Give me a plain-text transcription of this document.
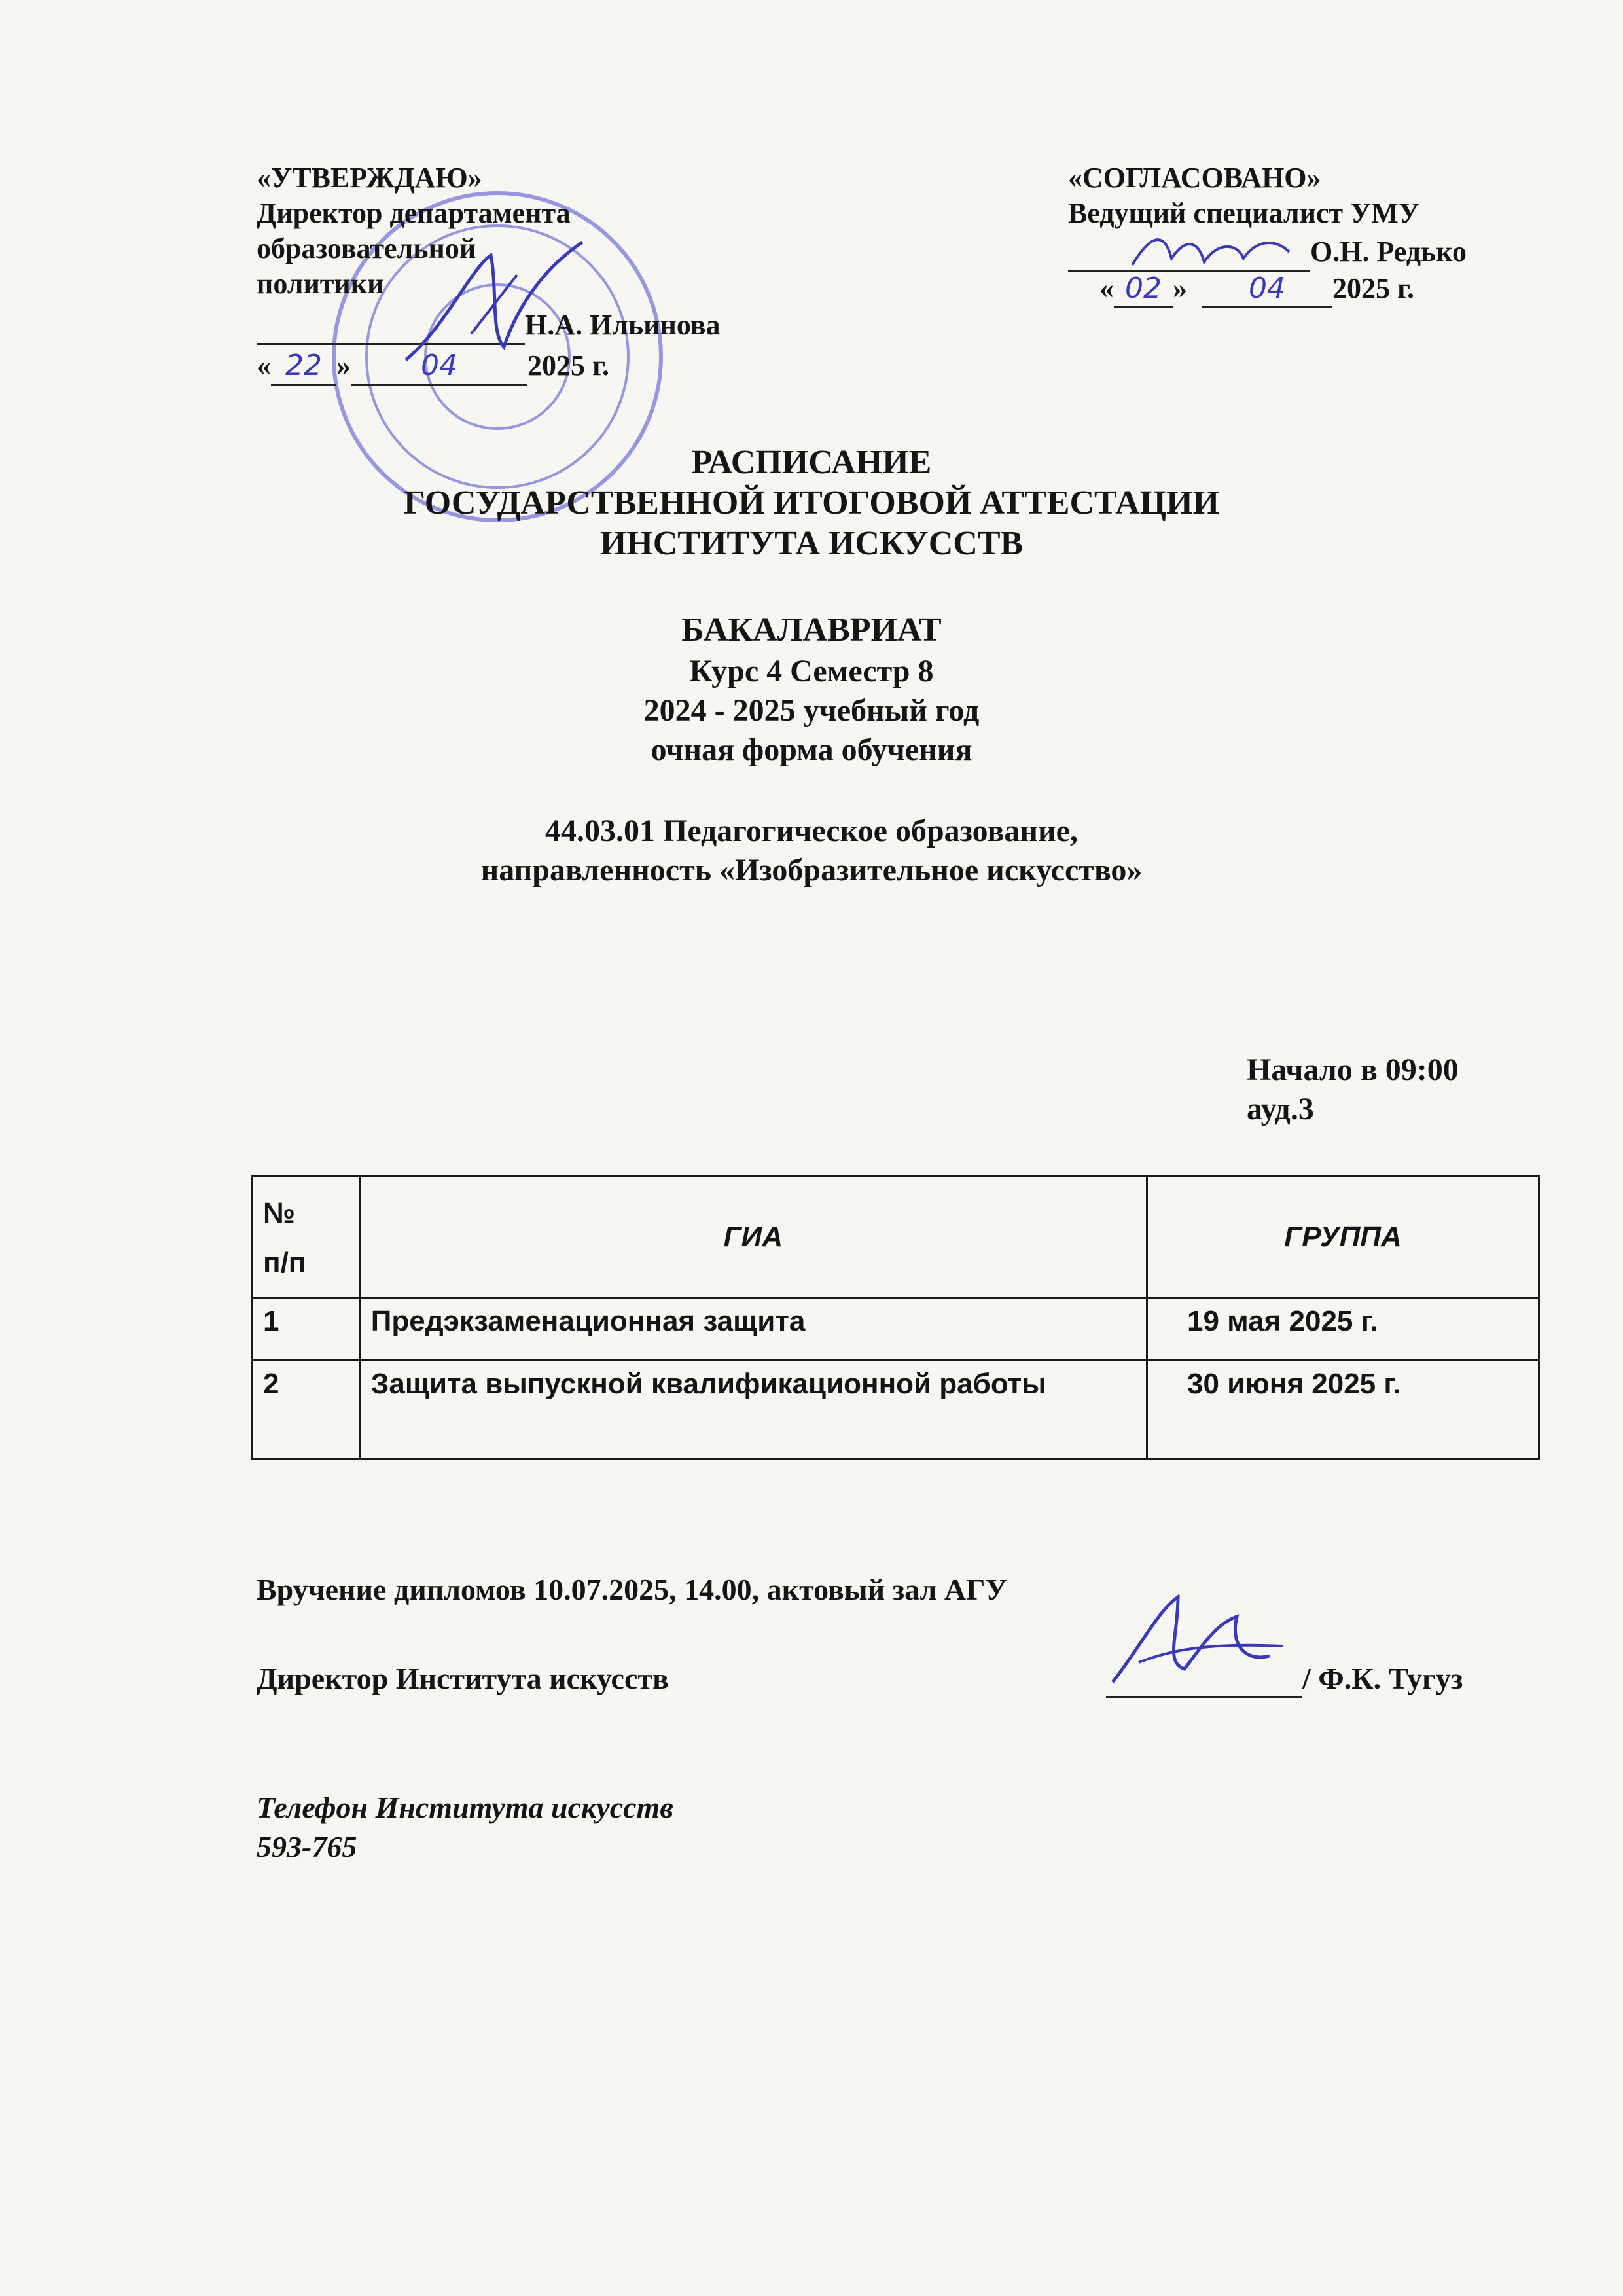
«УТВЕРЖДАЮ»
Директор департамента
образовательной
политики
Н.А. Ильинова
« 22 » 04 2025 г.
«СОГЛАСОВАНО»
Ведущий специалист УМУ
О.Н. Редько
« 02 » 04 2025 г.
РАСПИСАНИЕ
ГОСУДАРСТВЕННОЙ ИТОГОВОЙ АТТЕСТАЦИИ
ИНСТИТУТА ИСКУССТВ
БАКАЛАВРИАТ
Курс 4 Семестр 8
2024 - 2025 учебный год
очная форма обучения
44.03.01 Педагогическое образование,
направленность «Изобразительное искусство»
Начало в 09:00
ауд.3
№
п/п	ГИА	ГРУППА
1	Предэкзаменационная защита	19 мая 2025 г.
2	Защита выпускной квалификационной работы	30 июня 2025 г.
Вручение дипломов 10.07.2025, 14.00, актовый зал АГУ
Директор Института искусств	/ Ф.К. Тугуз
Телефон Института искусств
593-765
